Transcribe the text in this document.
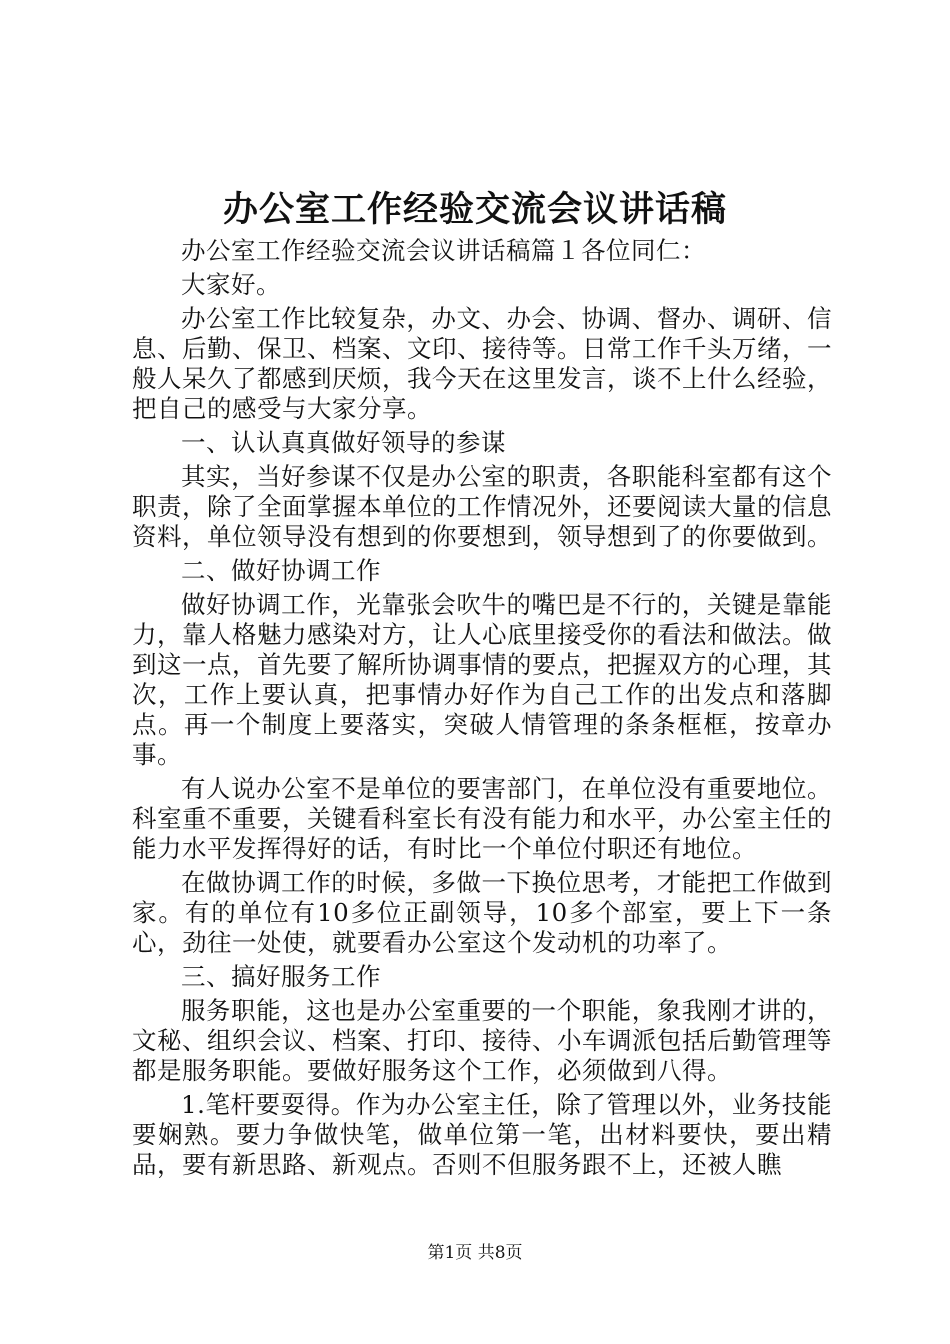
办公室工作经验交流会议讲话稿

办公室工作经验交流会议讲话稿篇１各位同仁：

大家好。

办公室工作比较复杂，办文、办会、协调、督办、调研、信息、后勤、保卫、档案、文印、接待等。日常工作千头万绪，一般人呆久了都感到厌烦，我今天在这里发言，谈不上什么经验，把自己的感受与大家分享。

一、认认真真做好领导的参谋

其实，当好参谋不仅是办公室的职责，各职能科室都有这个职责，除了全面掌握本单位的工作情况外，还要阅读大量的信息资料，单位领导没有想到的你要想到，领导想到了的你要做到。

二、做好协调工作

做好协调工作，光靠张会吹牛的嘴巴是不行的，关键是靠能力，靠人格魅力感染对方，让人心底里接受你的看法和做法。做到这一点，首先要了解所协调事情的要点，把握双方的心理，其次，工作上要认真，把事情办好作为自己工作的出发点和落脚点。再一个制度上要落实，突破人情管理的条条框框，按章办事。

有人说办公室不是单位的要害部门，在单位没有重要地位。科室重不重要，关键看科室长有没有能力和水平，办公室主任的能力水平发挥得好的话，有时比一个单位付职还有地位。

在做协调工作的时候，多做一下换位思考，才能把工作做到家。有的单位有10多位正副领导，10多个部室，要上下一条心，劲往一处使，就要看办公室这个发动机的功率了。

三、搞好服务工作

服务职能，这也是办公室重要的一个职能，象我刚才讲的，文秘、组织会议、档案、打印、接待、小车调派包括后勤管理等都是服务职能。要做好服务这个工作，必须做到八得。

1.笔杆要耍得。作为办公室主任，除了管理以外，业务技能要娴熟。要力争做快笔，做单位第一笔，出材料要快，要出精品，要有新思路、新观点。否则不但服务跟不上，还被人瞧

第1页 共8页
